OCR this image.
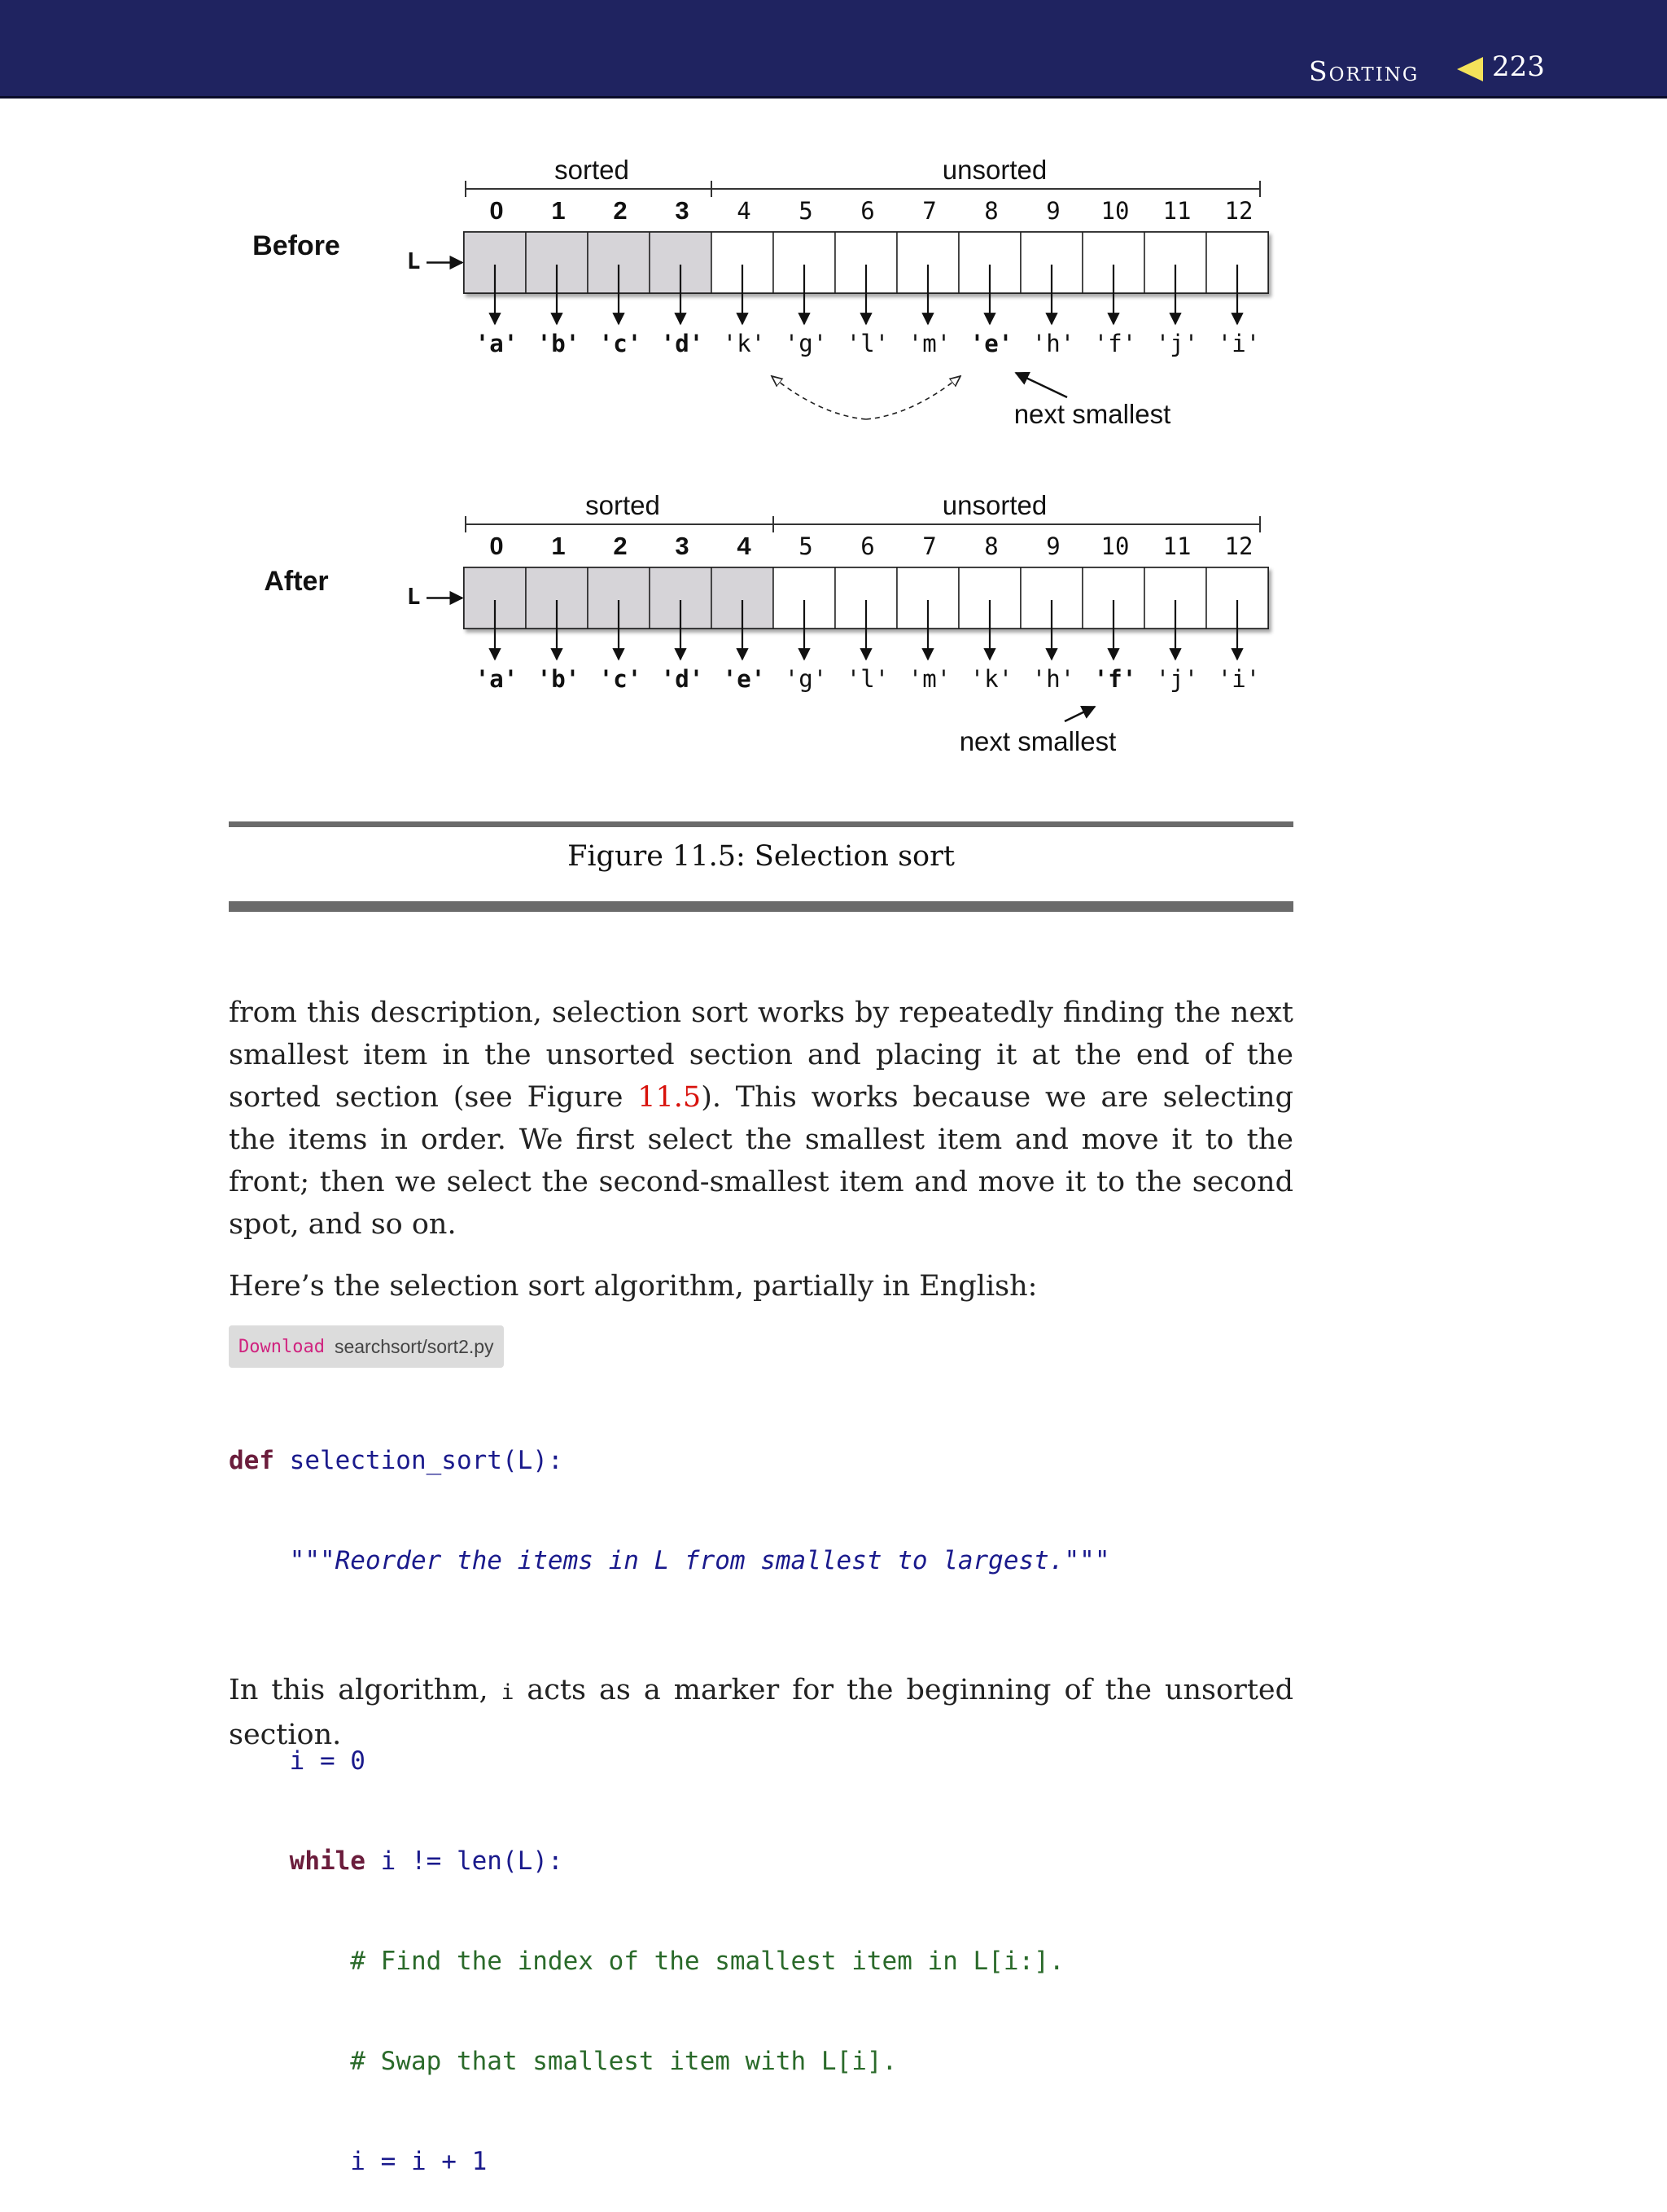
Sorting	223
Before	L
sorted	unsorted
0
'a'
1
'b'
2
'c'
3
'd'
4
'k'
5
'g'
6
'l'
7
'm'
8
'e'
9
'h'
10
'f'
11
'j'
12
'i'
next smallest
After	L
sorted	unsorted
0
'a'
1
'b'
2
'c'
3
'd'
4
'e'
5
'g'
6
'l'
7
'm'
8
'k'
9
'h'
10
'f'
11
'j'
12
'i'
next smallest
Figure 11.5: Selection sort

from this description, selection sort works by repeatedly finding the next smallest item in the unsorted section and placing it at the end of the sorted section (see Figure 11.5). This works because we are selecting the items in order. We first select the smallest item and move it to the front; then we select the second-smallest item and move it to the second spot, and so on.

Here’s the selection sort algorithm, partially in English:

Download searchsort/sort2.py

def selection_sort(L):

"""Reorder the items in L from smallest to largest."""

i = 0

while i != len(L):

# Find the index of the smallest item in L[i:].

# Swap that smallest item with L[i].

i = i + 1

In this algorithm, i acts as a marker for the beginning of the unsorted section.
